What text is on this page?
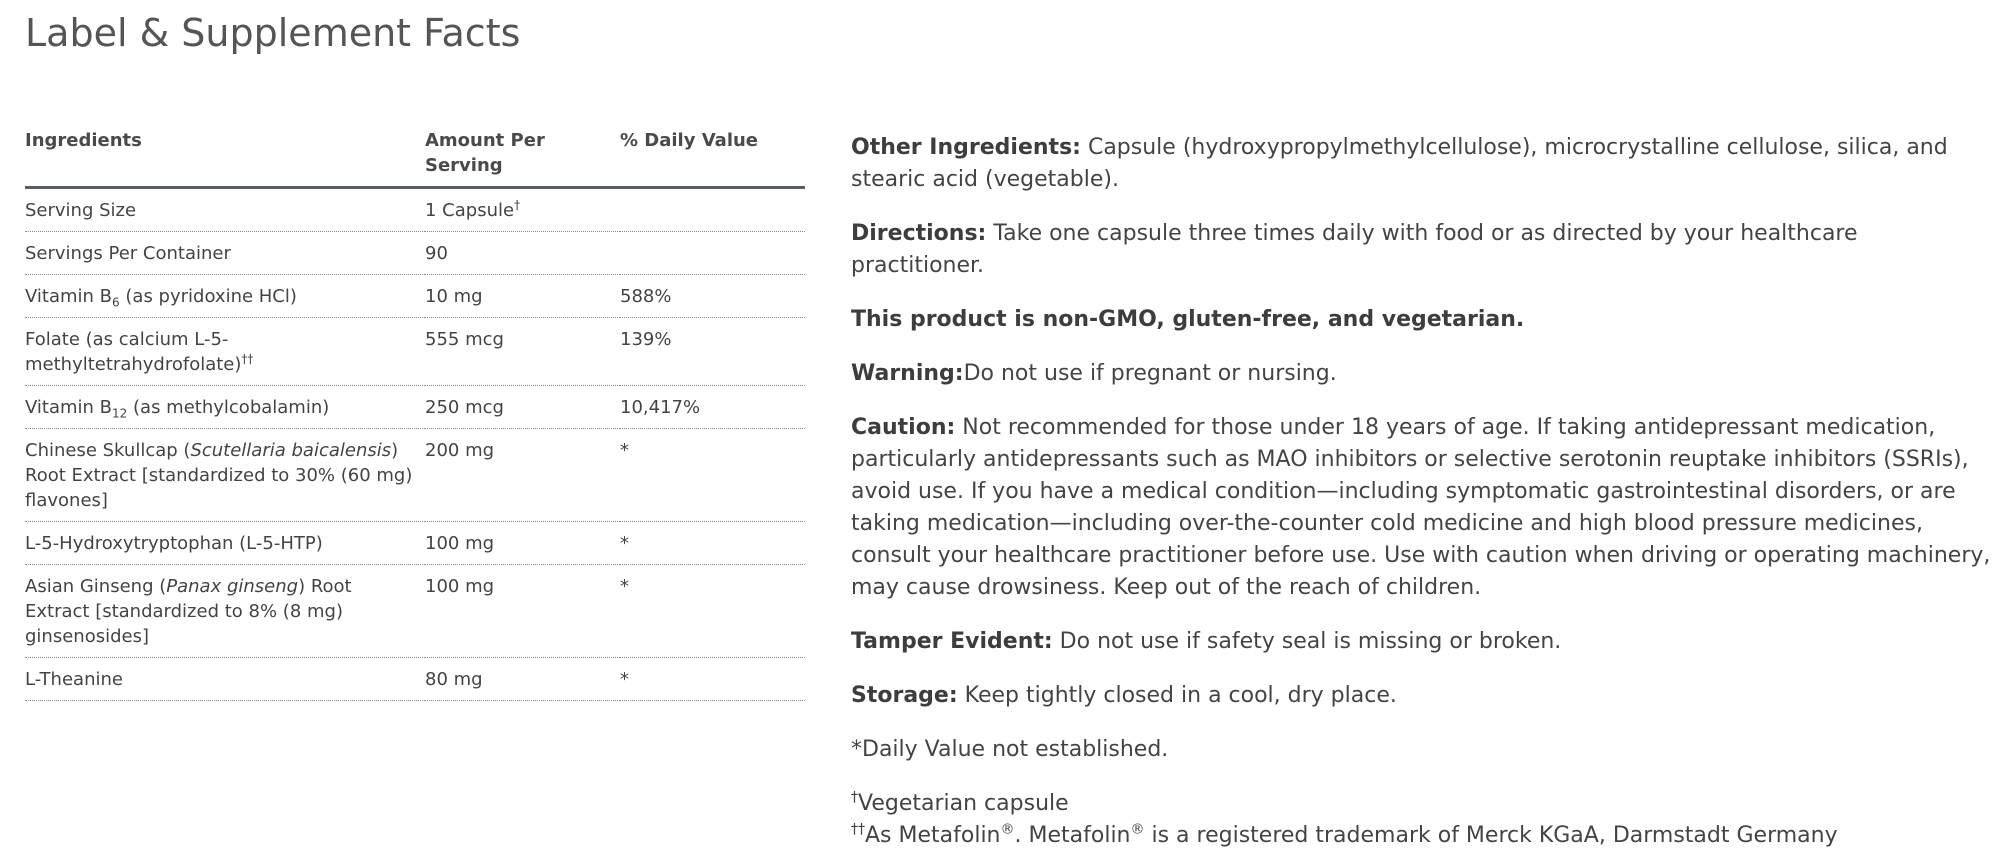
Label & Supplement Facts
Ingredients	Amount Per Serving	% Daily Value
Serving Size	1 Capsule†	
Servings Per Container	90	
Vitamin $B_6$ (as pyridoxine HCl)	10 mg	588%
Folate (as calcium L-5-methyltetrahydrofolate)††	555 mcg	139%
Vitamin $B_{12}$ (as methylcobalamin)	250 mcg	10,417%
Chinese Skullcap (Scutellaria baicalensis) Root Extract [standardized to 30% (60 mg) flavones]	200 mg	*
L-5-Hydroxytryptophan (L-5-HTP)	100 mg	*
Asian Ginseng (Panax ginseng) Root Extract [standardized to 8% (8 mg) ginsenosides]	100 mg	*
L-Theanine	80 mg	*

Other Ingredients: Capsule (hydroxypropylmethylcellulose), microcrystalline cellulose, silica, and stearic acid (vegetable).

Directions: Take one capsule three times daily with food or as directed by your healthcare practitioner.

This product is non-GMO, gluten-free, and vegetarian.

Warning:Do not use if pregnant or nursing.

Caution: Not recommended for those under 18 years of age. If taking antidepressant medication, particularly antidepressants such as MAO inhibitors or selective serotonin reuptake inhibitors (SSRIs), avoid use. If you have a medical condition—including symptomatic gastrointestinal disorders, or are taking medication—including over-the-counter cold medicine and high blood pressure medicines, consult your healthcare practitioner before use. Use with caution when driving or operating machinery, may cause drowsiness. Keep out of the reach of children.

Tamper Evident: Do not use if safety seal is missing or broken.

Storage: Keep tightly closed in a cool, dry place.

*Daily Value not established.

†Vegetarian capsule

††As Metafolin®. Metafolin® is a registered trademark of Merck KGaA, Darmstadt Germany
